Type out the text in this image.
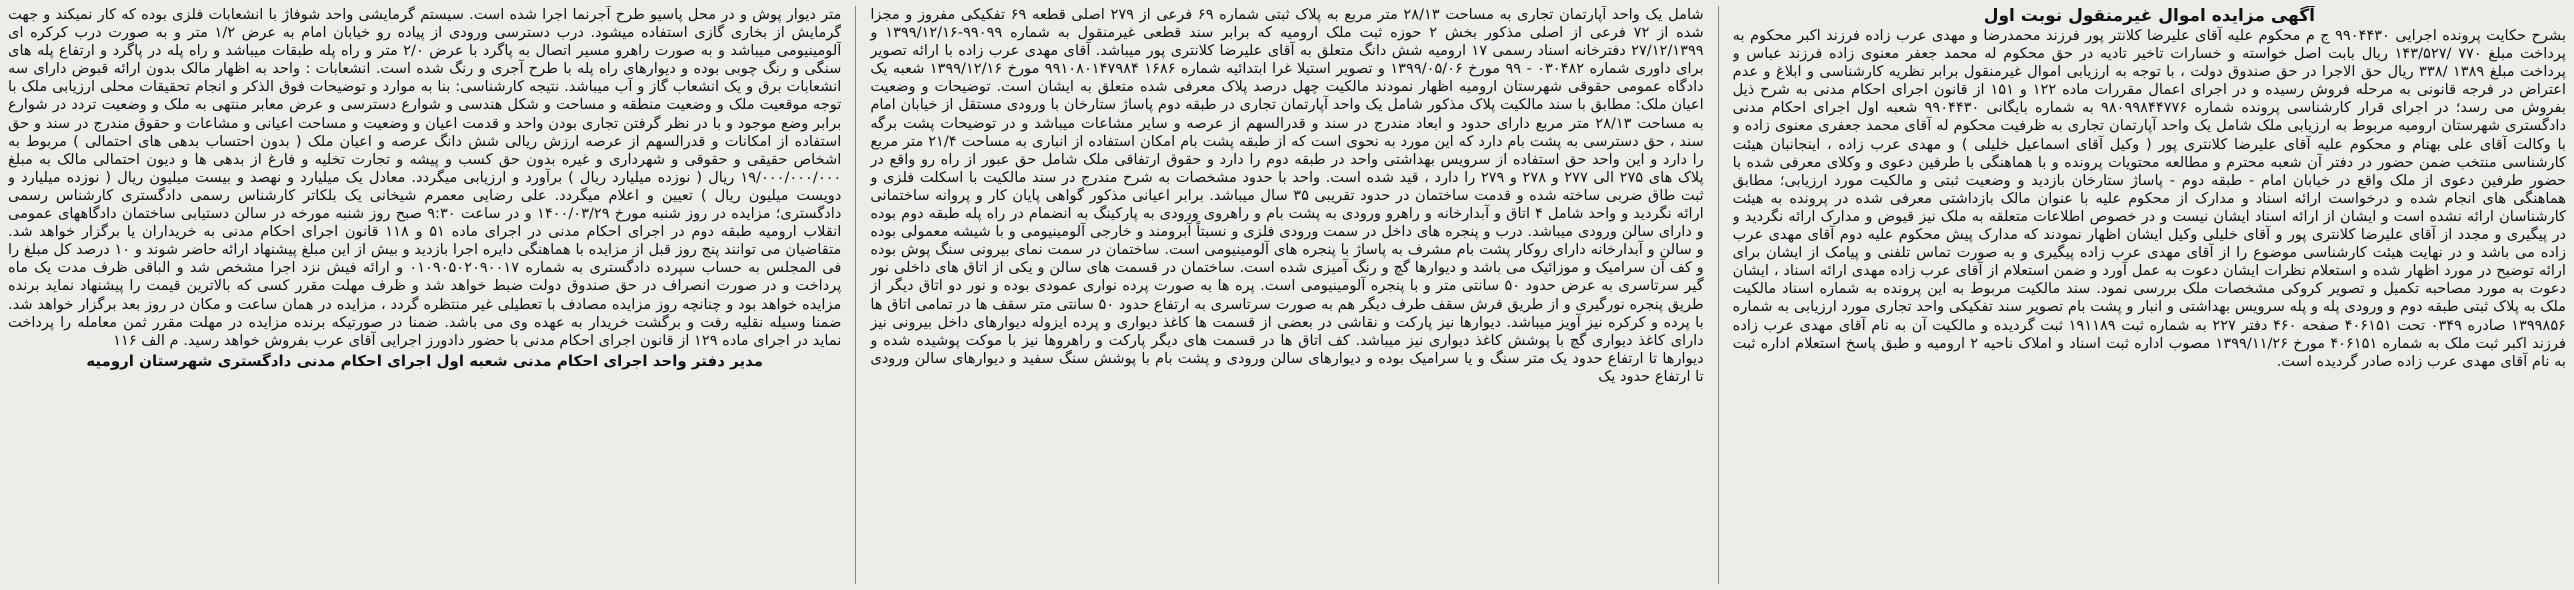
آگهی مزایده اموال غیرمنقول نوبت اول

بشرح حکایت پرونده اجرایی ۹۹۰۴۴۳۰ ج م محکوم علیه آقای علیرضا کلانتر پور فرزند محمدرضا و مهدی عرب زاده فرزند اکبر محکوم به پرداخت مبلغ ۷۷۰ /۱۴۳/۵۲۷ ریال بابت اصل خواسته و خسارات تاخیر تادیه در حق محکوم له محمد جعفر معنوی زاده فرزند عباس و پرداخت مبلغ ۱۳۸۹ /۳۳۸ ریال حق الاجرا در حق صندوق دولت ، با توجه به ارزیابی اموال غیرمنقول برابر نظریه کارشناسی و ابلاغ و عدم اعتراض در فرجه قانونی به مرحله فروش رسیده و در اجرای اعمال مقررات ماده ۱۲۲ و ۱۵۱ از قانون اجرای احکام مدنی به شرح ذیل بفروش می رسد؛ در اجرای قرار کارشناسی پرونده شماره ۹۸۰۹۹۸۴۴۷۷۶ به شماره بایگانی ۹۹۰۴۴۳۰ شعبه اول اجرای احکام مدنی دادگستری شهرستان ارومیه مربوط به ارزیابی ملک شامل یک واحد آپارتمان تجاری به ظرفیت محکوم له آقای محمد جعفری معنوی زاده و با وکالت آقای علی بهنام و محکوم علیه آقای علیرضا کلانتری پور ( وکیل آقای اسماعیل خلیلی ) و مهدی عرب زاده ، اینجانبان هیئت کارشناسی منتخب ضمن حضور در دفتر آن شعبه محترم و مطالعه محتویات پرونده و با هماهنگی با طرفین دعوی و وکلای معرفی شده با حضور طرفین دعوی از ملک واقع در خیابان امام - طبقه دوم - پاساژ ستارخان بازدید و وضعیت ثبتی و مالکیت مورد ارزیابی؛ مطابق هماهنگی های انجام شده و درخواست ارائه اسناد و مدارک از محکوم علیه با عنوان مالک بازداشتی معرفی شده در پرونده به هیئت کارشناسان ارائه نشده است و ایشان از ارائه اسناد ایشان نیست و در خصوص اطلاعات متعلقه به ملک نیز قیوض و مدارک ارائه نگردید و در پیگیری و مجدد از آقای علیرضا کلانتری پور و آقای خلیلی وکیل ایشان اظهار نمودند که مدارک پیش محکوم علیه دوم آقای مهدی عرب زاده می باشد و در نهایت هیئت کارشناسی موضوع را از آقای مهدی عرب زاده پیگیری و به صورت تماس تلفنی و پیامک از ایشان برای ارائه توضیح در مورد اظهار شده و استعلام نظرات ایشان دعوت به عمل آورد و ضمن استعلام از آقای عرب زاده مهدی ارائه اسناد ، ایشان دعوت به مورد مصاحبه تکمیل و تصویر کروکی مشخصات ملک بررسی نمود. سند مالکیت مربوط به این پرونده به شماره اسناد مالکیت ملک به پلاک ثبتی طبقه دوم و ورودی پله و پله سرویس بهداشتی و انبار و پشت بام تصویر سند تفکیکی واحد تجاری مورد ارزیابی به شماره ۱۳۹۹۸۵۶ صادره ۰۳۴۹ تحت ۴۰۶۱۵۱ صفحه ۴۶۰ دفتر ۲۲۷ به شماره ثبت ۱۹۱۱۸۹ ثبت گردیده و مالکیت آن به نام آقای مهدی عرب زاده فرزند اکبر ثبت ملک به شماره ۴۰۶۱۵۱ مورخ ۱۳۹۹/۱۱/۲۶ مصوب اداره ثبت اسناد و املاک ناحیه ۲ ارومیه و طبق پاسخ استعلام اداره ثبت به نام آقای مهدی عرب زاده صادر گردیده است.

شامل یک واحد آپارتمان تجاری به مساحت ۲۸/۱۳ متر مربع به پلاک ثبتی شماره ۶۹ فرعی از ۲۷۹ اصلی قطعه ۶۹ تفکیکی مفروز و مجزا شده از ۷۲ فرعی از اصلی مذکور بخش ۲ حوزه ثبت ملک ارومیه که برابر سند قطعی غیرمنقول به شماره ۹۹۰۹۹-۱۳۹۹/۱۲/۱۶ و ۲۷/۱۲/۱۳۹۹ دفترخانه اسناد رسمی ۱۷ ارومیه شش دانگ متعلق به آقای علیرضا کلانتری پور میباشد. آقای مهدی عرب زاده با ارائه تصویر برای داوری شماره ۰۳۰۴۸۲ - ۹۹ مورخ ۱۳۹۹/۰۵/۰۶ و تصویر استیلا غرا ابتدائیه شماره ۱۶۸۶ ۹۹۱۰۸۰۱۴۷۹۸۴ مورخ ۱۳۹۹/۱۲/۱۶ شعبه یک دادگاه عمومی حقوقی شهرستان ارومیه اظهار نمودند مالکیت چهل درصد پلاک معرفی شده متعلق به ایشان است. توضیحات و وضعیت اعیان ملک: مطابق با سند مالکیت پلاک مذکور شامل یک واحد آپارتمان تجاری در طبقه دوم پاساژ ستارخان با ورودی مستقل از خیابان امام به مساحت ۲۸/۱۳ متر مربع دارای حدود و ابعاد مندرج در سند و قدرالسهم از عرصه و سایر مشاعات میباشد و در توضیحات پشت برگه سند ، حق دسترسی به پشت بام دارد که این مورد به نحوی است که از طبقه پشت بام امکان استفاده از انباری به مساحت ۲۱/۴ متر مربع را دارد و این واحد حق استفاده از سرویس بهداشتی واحد در طبقه دوم را دارد و حقوق ارتفاقی ملک شامل حق عبور از راه رو واقع در پلاک های ۲۷۵ الی ۲۷۷ و ۲۷۸ و ۲۷۹ را دارد ، قید شده است. واحد با حدود مشخصات به شرح مندرج در سند مالکیت با اسکلت فلزی و ثبت طاق ضربی ساخته شده و قدمت ساختمان در حدود تقریبی ۳۵ سال میباشد. برابر اعیانی مذکور گواهی پایان کار و پروانه ساختمانی ارائه نگردید و واحد شامل ۴ اتاق و آبدارخانه و راهرو ورودی به پشت بام و راهروی ورودی به پارکینگ به انضمام در راه پله طبقه دوم بوده و دارای سالن ورودی میباشد. درب و پنجره های داخل در سمت ورودی فلزی و نسبتاً آبرومند و خارجی آلومینیومی و با شیشه معمولی بوده و سالن و آبدارخانه دارای روکار پشت بام مشرف به پاساژ با پنجره های آلومینیومی است. ساختمان در سمت نمای بیرونی سنگ پوش بوده و کف آن سرامیک و موزائیک می باشد و دیوارها گچ و رنگ آمیزی شده است. ساختمان در قسمت های سالن و یکی از اتاق های داخلی نور گیر سرتاسری به عرض حدود ۵۰ سانتی متر و با پنجره آلومینیومی است. پره ها به صورت پرده نواری عمودی بوده و نور دو اتاق دیگر از طریق پنجره نورگیری و از طریق فرش سقف طرف دیگر هم به صورت سرتاسری به ارتفاع حدود ۵۰ سانتی متر سقف ها در تمامی اتاق ها با پرده و کرکره نیز آویز میباشد. دیوارها نیز پارکت و نقاشی در بعضی از قسمت ها کاغذ دیواری و پرده ایزوله دیوارهای داخل بیرونی نیز دارای کاغذ دیواری گچ با پوشش کاغذ دیواری نیز میباشد. کف اتاق ها در قسمت های دیگر پارکت و راهروها نیز با موکت پوشیده شده و دیوارها تا ارتفاع حدود یک متر سنگ و یا سرامیک بوده و دیوارهای سالن ورودی و پشت بام با پوشش سنگ سفید و دیوارهای سالن ورودی تا ارتفاع حدود یک

متر دیوار پوش و در محل پاسیو طرح آجرنما اجرا شده است. سیستم گرمایشی واحد شوفاژ با انشعابات فلزی بوده که کار نمیکند و جهت گرمایش از بخاری گازی استفاده میشود. درب دسترسی ورودی از پیاده رو خیابان امام به عرض ۱/۲ متر و به صورت درب کرکره ای آلومینیومی میباشد و به صورت راهرو مسیر اتصال به پاگرد با عرض ۲/۰ متر و راه پله طبقات میباشد و راه پله در پاگرد و ارتفاع پله های سنگی و رنگ چوبی بوده و دیوارهای راه پله با طرح آجری و رنگ شده است. انشعابات : واحد به اظهار مالک بدون ارائه قبوض دارای سه انشعابات برق و یک انشعاب گاز و آب میباشد. نتیجه کارشناسی: بنا به موارد و توضیحات فوق الذکر و انجام تحقیقات محلی ارزیابی ملک با توجه موقعیت ملک و وضعیت منطقه و مساحت و شکل هندسی و شوارع دسترسی و عرض معابر منتهی به ملک و وضعیت تردد در شوارع برابر وضع موجود و با در نظر گرفتن تجاری بودن واحد و قدمت اعیان و وضعیت و مساحت اعیانی و مشاعات و حقوق مندرج در سند و حق استفاده از امکانات و قدرالسهم از عرصه ارزش ریالی شش دانگ عرصه و اعیان ملک ( بدون احتساب بدهی های احتمالی ) مربوط به اشخاص حقیقی و حقوقی و شهرداری و غیره بدون حق کسب و پیشه و تجارت تخلیه و فارغ از بدهی ها و دیون احتمالی مالک به مبلغ ۱۹/۰۰۰/۰۰۰/۰۰۰ ریال ( نوزده میلیارد ریال ) برآورد و ارزیابی میگردد. معادل یک میلیارد و نهصد و بیست میلیون ریال ( نوزده میلیارد و دویست میلیون ریال ) تعیین و اعلام میگردد. علی رضایی معمرم شیخانی یک بلکاتر کارشناس رسمی دادگستری کارشناس رسمی دادگستری؛ مزایده در روز شنبه مورخ ۱۴۰۰/۰۳/۲۹ و در ساعت ۹:۳۰ صبح روز شنبه مورخه در سالن دستیابی ساختمان دادگاههای عمومی انقلاب ارومیه طبقه دوم در اجرای احکام مدنی در اجرای ماده ۵۱ و ۱۱۸ قانون اجرای احکام مدنی به خریداران یا برگزار خواهد شد. متقاضیان می توانند پنج روز قبل از مزایده با هماهنگی دایره اجرا بازدید و بیش از این مبلغ پیشنهاد ارائه حاضر شوند و ۱۰ درصد کل مبلغ را فی المجلس به حساب سپرده دادگستری به شماره ۰۱۰۹۰۵۰۲۰۹۰۰۱۷ و ارائه فیش نزد اجرا مشخص شد و الباقی ظرف مدت یک ماه پرداخت و در صورت انصراف در حق صندوق دولت ضبط خواهد شد و ظرف مهلت مقرر کسی که بالاترین قیمت را پیشنهاد نماید برنده مزایده خواهد بود و چنانچه روز مزایده مصادف با تعطیلی غیر منتظره گردد ، مزایده در همان ساعت و مکان در روز بعد برگزار خواهد شد. ضمنا وسیله نقلیه رفت و برگشت خریدار به عهده وی می باشد. ضمنا در صورتیکه برنده مزایده در مهلت مقرر ثمن معامله را پرداخت نماید در اجرای ماده ۱۲۹ از قانون اجرای احکام مدنی با حضور دادورز اجرایی آقای عرب بفروش خواهد رسید. م الف ۱۱۶

مدیر دفتر واحد اجرای احکام مدنی شعبه اول اجرای احکام مدنی دادگستری شهرستان ارومیه
